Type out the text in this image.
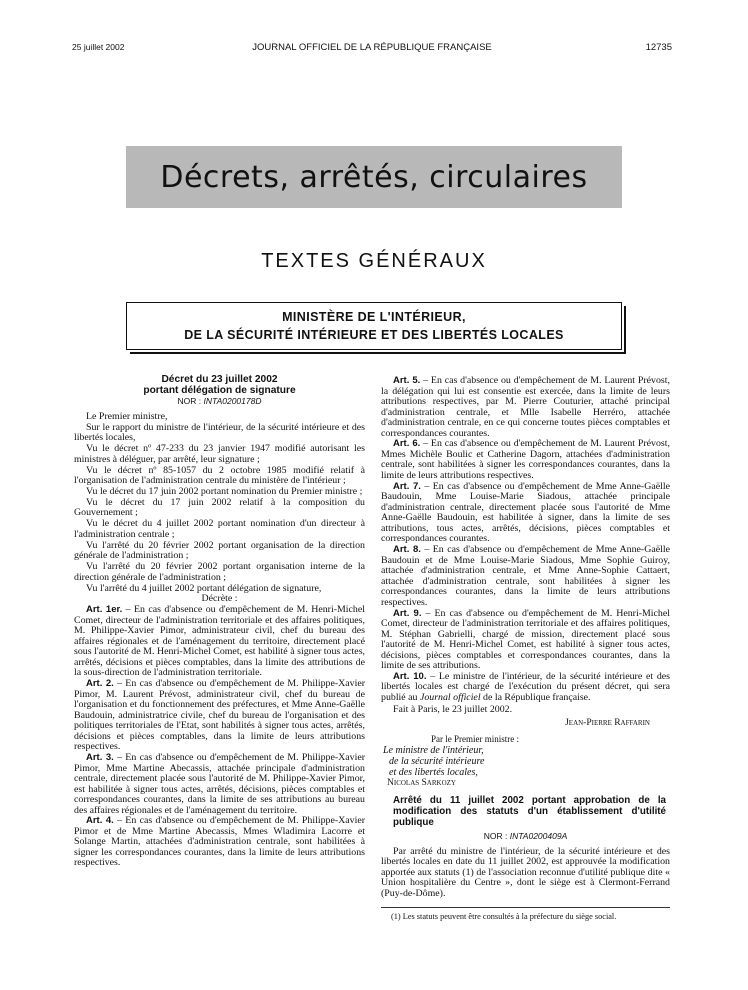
25 juillet 2002	JOURNAL OFFICIEL DE LA RÉPUBLIQUE FRANÇAISE	12735
Décrets, arrêtés, circulaires
TEXTES GÉNÉRAUX
MINISTÈRE DE L'INTÉRIEUR,
DE LA SÉCURITÉ INTÉRIEURE ET DES LIBERTÉS LOCALES
Décret du 23 juillet 2002
portant délégation de signature
NOR : INTA0200178D

Le Premier ministre,

Sur le rapport du ministre de l'intérieur, de la sécurité intérieure et des libertés locales,

Vu le décret nº 47-233 du 23 janvier 1947 modifié autorisant les ministres à déléguer, par arrêté, leur signature ;

Vu le décret nº 85-1057 du 2 octobre 1985 modifié relatif à l'organisation de l'administration centrale du ministère de l'intérieur ;

Vu le décret du 17 juin 2002 portant nomination du Premier ministre ;

Vu le décret du 17 juin 2002 relatif à la composition du Gouvernement ;

Vu le décret du 4 juillet 2002 portant nomination d'un directeur à l'administration centrale ;

Vu l'arrêté du 20 février 2002 portant organisation de la direction générale de l'administration ;

Vu l'arrêté du 20 février 2002 portant organisation interne de la direction générale de l'administration ;

Vu l'arrêté du 4 juillet 2002 portant délégation de signature,

Décrète :

Art. 1er. – En cas d'absence ou d'empêchement de M. Henri-Michel Comet, directeur de l'administration territoriale et des affaires politiques, M. Philippe-Xavier Pimor, administrateur civil, chef du bureau des affaires régionales et de l'aménagement du territoire, directement placé sous l'autorité de M. Henri-Michel Comet, est habilité à signer tous actes, arrêtés, décisions et pièces comptables, dans la limite des attributions de la sous-direction de l'administration territoriale.

Art. 2. – En cas d'absence ou d'empêchement de M. Philippe-Xavier Pimor, M. Laurent Prévost, administrateur civil, chef du bureau de l'organisation et du fonctionnement des préfectures, et Mme Anne-Gaëlle Baudouin, administratrice civile, chef du bureau de l'organisation et des politiques territoriales de l'Etat, sont habilités à signer tous actes, arrêtés, décisions et pièces comptables, dans la limite de leurs attributions respectives.

Art. 3. – En cas d'absence ou d'empêchement de M. Philippe-Xavier Pimor, Mme Martine Abecassis, attachée principale d'administration centrale, directement placée sous l'autorité de M. Philippe-Xavier Pimor, est habilitée à signer tous actes, arrêtés, décisions, pièces comptables et correspondances courantes, dans la limite de ses attributions au bureau des affaires régionales et de l'aménagement du territoire.

Art. 4. – En cas d'absence ou d'empêchement de M. Philippe-Xavier Pimor et de Mme Martine Abecassis, Mmes Wladimira Lacorre et Solange Martin, attachées d'administration centrale, sont habilitées à signer les correspondances courantes, dans la limite de leurs attributions respectives.

Art. 5. – En cas d'absence ou d'empêchement de M. Laurent Prévost, la délégation qui lui est consentie est exercée, dans la limite de leurs attributions respectives, par M. Pierre Couturier, attaché principal d'administration centrale, et Mlle Isabelle Herréro, attachée d'administration centrale, en ce qui concerne toutes pièces comptables et correspondances courantes.

Art. 6. – En cas d'absence ou d'empêchement de M. Laurent Prévost, Mmes Michèle Boulic et Catherine Dagorn, attachées d'administration centrale, sont habilitées à signer les correspondances courantes, dans la limite de leurs attributions respectives.

Art. 7. – En cas d'absence ou d'empêchement de Mme Anne-Gaëlle Baudouin, Mme Louise-Marie Siadous, attachée principale d'administration centrale, directement placée sous l'autorité de Mme Anne-Gaëlle Baudouin, est habilitée à signer, dans la limite de ses attributions, tous actes, arrêtés, décisions, pièces comptables et correspondances courantes.

Art. 8. – En cas d'absence ou d'empêchement de Mme Anne-Gaëlle Baudouin et de Mme Louise-Marie Siadous, Mme Sophie Guiroy, attachée d'administration centrale, et Mme Anne-Sophie Cattaert, attachée d'administration centrale, sont habilitées à signer les correspondances courantes, dans la limite de leurs attributions respectives.

Art. 9. – En cas d'absence ou d'empêchement de M. Henri-Michel Comet, directeur de l'administration territoriale et des affaires politiques, M. Stéphan Gabrielli, chargé de mission, directement placé sous l'autorité de M. Henri-Michel Comet, est habilité à signer tous actes, décisions, pièces comptables et correspondances courantes, dans la limite de ses attributions.

Art. 10. – Le ministre de l'intérieur, de la sécurité intérieure et des libertés locales est chargé de l'exécution du présent décret, qui sera publié au Journal officiel de la République française.

Fait à Paris, le 23 juillet 2002.

Jean-Pierre Raffarin
Par le Premier ministre :
Le ministre de l'intérieur,
de la sécurité intérieure
et des libertés locales,
Nicolas Sarkozy
Arrêté du 11 juillet 2002 portant approbation de la modification des statuts d'un établissement d'utilité publique
NOR : INTA0200409A

Par arrêté du ministre de l'intérieur, de la sécurité intérieure et des libertés locales en date du 11 juillet 2002, est approuvée la modification apportée aux statuts (1) de l'association reconnue d'utilité publique dite « Union hospitalière du Centre », dont le siège est à Clermont-Ferrand (Puy-de-Dôme).

(1) Les statuts peuvent être consultés à la préfecture du siège social.
